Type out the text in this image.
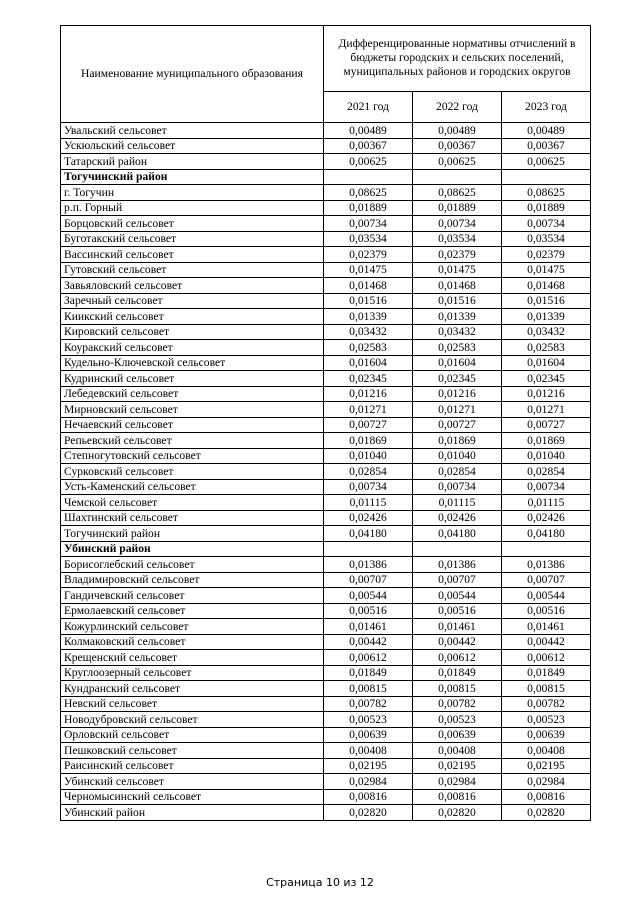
Наименование муниципального образования	Дифференцированные нормативы отчислений в бюджеты городских и сельских поселений, муниципальных районов и городских округов		
	2021 год	2022 год	2023 год
Увальский сельсовет	0,00489	0,00489	0,00489
Ускюльский сельсовет	0,00367	0,00367	0,00367
Татарский район	0,00625	0,00625	0,00625
Тогучинский район			
г. Тогучин	0,08625	0,08625	0,08625
р.п. Горный	0,01889	0,01889	0,01889
Борцовский сельсовет	0,00734	0,00734	0,00734
Буготакский сельсовет	0,03534	0,03534	0,03534
Вассинский сельсовет	0,02379	0,02379	0,02379
Гутовский сельсовет	0,01475	0,01475	0,01475
Завьяловский сельсовет	0,01468	0,01468	0,01468
Заречный сельсовет	0,01516	0,01516	0,01516
Киикский сельсовет	0,01339	0,01339	0,01339
Кировский сельсовет	0,03432	0,03432	0,03432
Коуракский сельсовет	0,02583	0,02583	0,02583
Кудельно-Ключевской сельсовет	0,01604	0,01604	0,01604
Кудринский сельсовет	0,02345	0,02345	0,02345
Лебедевский сельсовет	0,01216	0,01216	0,01216
Мирновский сельсовет	0,01271	0,01271	0,01271
Нечаевский сельсовет	0,00727	0,00727	0,00727
Репьевский сельсовет	0,01869	0,01869	0,01869
Степногутовский сельсовет	0,01040	0,01040	0,01040
Сурковский сельсовет	0,02854	0,02854	0,02854
Усть-Каменский сельсовет	0,00734	0,00734	0,00734
Чемской сельсовет	0,01115	0,01115	0,01115
Шахтинский сельсовет	0,02426	0,02426	0,02426
Тогучинский район	0,04180	0,04180	0,04180
Убинский район			
Борисоглебский сельсовет	0,01386	0,01386	0,01386
Владимировский сельсовет	0,00707	0,00707	0,00707
Гандичевский сельсовет	0,00544	0,00544	0,00544
Ермолаевский сельсовет	0,00516	0,00516	0,00516
Кожурлинский сельсовет	0,01461	0,01461	0,01461
Колмаковский сельсовет	0,00442	0,00442	0,00442
Крещенский сельсовет	0,00612	0,00612	0,00612
Круглоозерный сельсовет	0,01849	0,01849	0,01849
Кундранский сельсовет	0,00815	0,00815	0,00815
Невский сельсовет	0,00782	0,00782	0,00782
Новодубровский сельсовет	0,00523	0,00523	0,00523
Орловский сельсовет	0,00639	0,00639	0,00639
Пешковский сельсовет	0,00408	0,00408	0,00408
Раисинский сельсовет	0,02195	0,02195	0,02195
Убинский сельсовет	0,02984	0,02984	0,02984
Черномысинский сельсовет	0,00816	0,00816	0,00816
Убинский район	0,02820	0,02820	0,02820
Страница 10 из 12
